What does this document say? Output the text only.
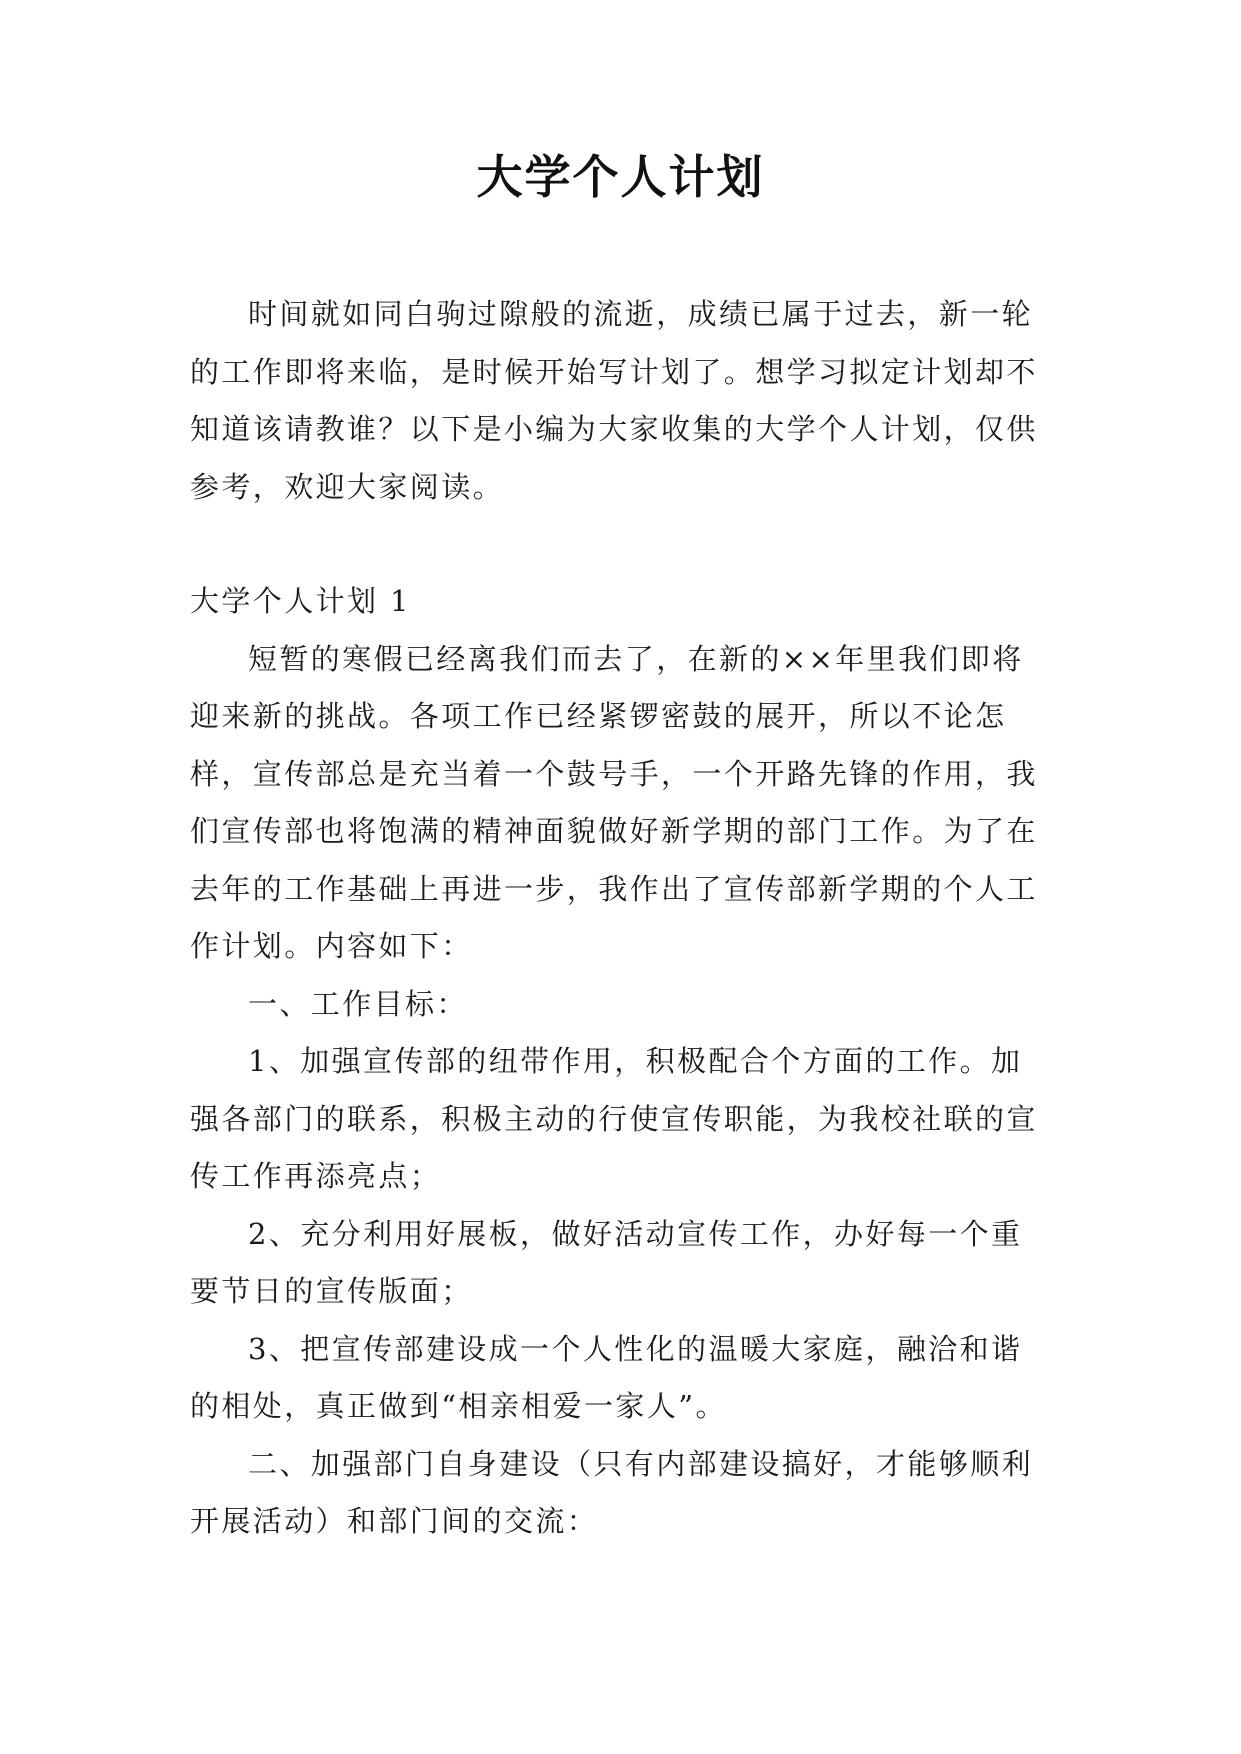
大学个人计划

时间就如同白驹过隙般的流逝，成绩已属于过去，新一轮的工作即将来临，是时候开始写计划了。想学习拟定计划却不知道该请教谁？以下是小编为大家收集的大学个人计划，仅供参考，欢迎大家阅读。

大学个人计划 1

短暂的寒假已经离我们而去了，在新的××年里我们即将迎来新的挑战。各项工作已经紧锣密鼓的展开，所以不论怎样，宣传部总是充当着一个鼓号手，一个开路先锋的作用，我们宣传部也将饱满的精神面貌做好新学期的部门工作。为了在去年的工作基础上再进一步，我作出了宣传部新学期的个人工作计划。内容如下：

一、工作目标：

1、加强宣传部的纽带作用，积极配合个方面的工作。加强各部门的联系，积极主动的行使宣传职能，为我校社联的宣传工作再添亮点；

2、充分利用好展板，做好活动宣传工作，办好每一个重要节日的宣传版面；

3、把宣传部建设成一个人性化的温暖大家庭，融洽和谐的相处，真正做到“相亲相爱一家人”。

二、加强部门自身建设（只有内部建设搞好，才能够顺利开展活动）和部门间的交流：
